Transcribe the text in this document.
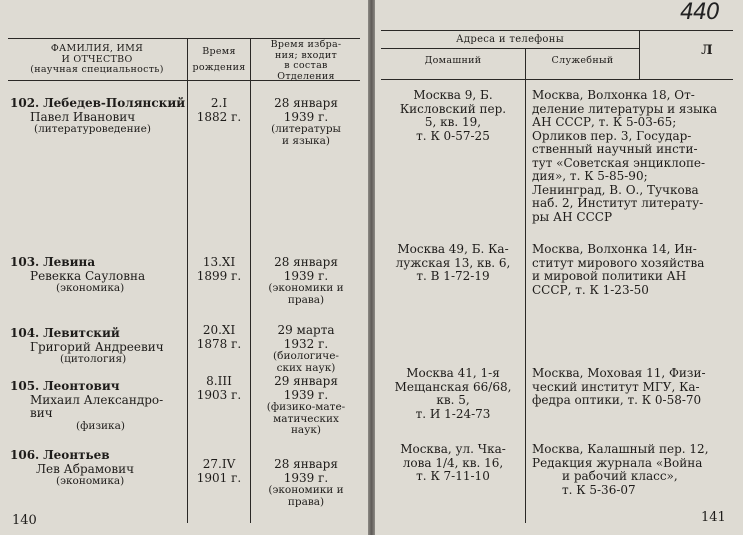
ФАМИЛИЯ, ИМЯ
И ОТЧЕСТВО
(научная специальность)
Время
рождения
Время избра-
ния; входит
в состав
Отделения
102. Лебедев-Полянский
Павел Иванович
(литературоведение)
2.I
1882 г.
28 января
1939 г.
(литературы
и языка)
103. Левина
Ревекка Сауловна
(экономика)
13.XI
1899 г.
28 января
1939 г.
(экономики и
права)
104. Левитский
Григорий Андреевич
(цитология)
20.XI
1878 г.
29 марта
1932 г.
(биологиче-
ских наук)
105. Леонтович
Михаил Александро-
вич
(физика)
8.III
1903 г.
29 января
1939 г.
(физико-мате-
матических
наук)
106. Леонтьев
Лев Абрамович
(экономика)
27.IV
1901 г.
28 января
1939 г.
(экономики и
права)
140
440
Адреса и телефоны
Домашний	Служебный
Л
Москва 9, Б.
Кисловский пер.
5, кв. 19,
т. К 0-57-25
Москва, Волхонка 18, От-
деление литературы и языка
АН СССР, т. К 5-03-65;
Орликов пер. 3, Государ-
ственный научный инсти-
тут «Советская энциклопе-
дия», т. К 5-85-90;
Ленинград, В. О., Тучкова
наб. 2, Институт литерату-
ры АН СССР
Москва 49, Б. Ка-
лужская 13, кв. 6,
т. В 1-72-19
Москва, Волхонка 14, Ин-
ститут мирового хозяйства
и мировой политики АН
СССР, т. К 1-23-50
Москва 41, 1-я
Мещанская 66/68,
кв. 5,
т. И 1-24-73
Москва, Моховая 11, Физи-
ческий институт МГУ, Ка-
федра оптики, т. К 0-58-70
Москва, ул. Чка-
лова 1/4, кв. 16,
т. К 7-11-10
Москва, Калашный пер. 12,
Редакция журнала «Война
и рабочий класс»,
т. К 5-36-07
141
